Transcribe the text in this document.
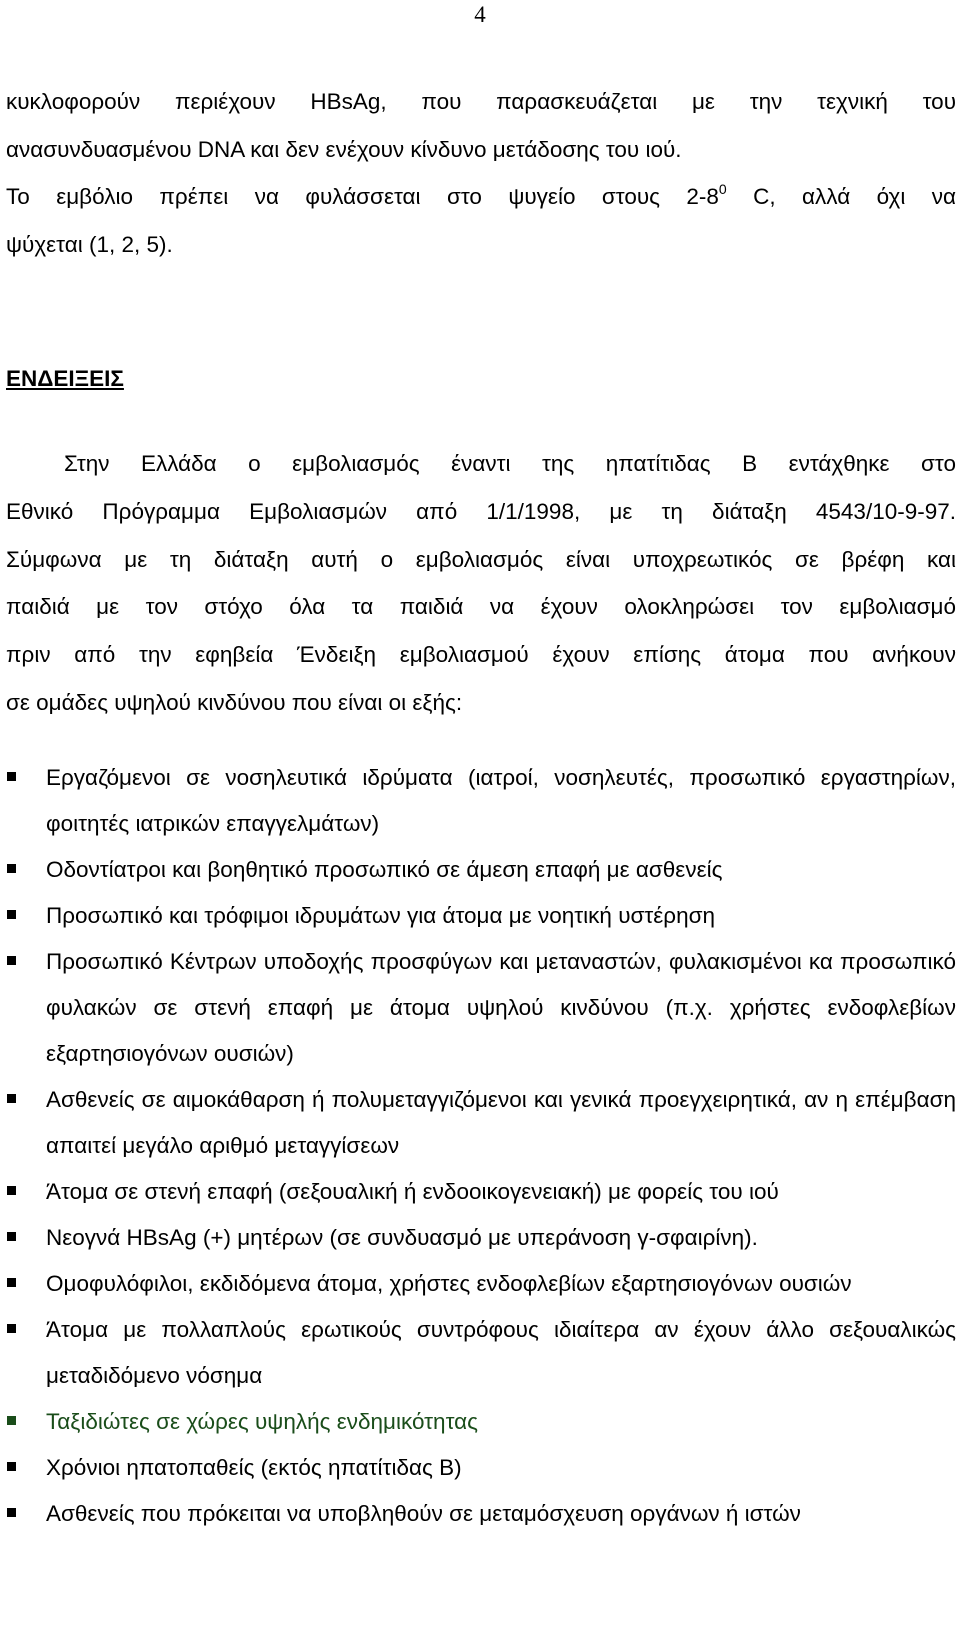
4
κυκλοφορούν περιέχουν HBsAg, που παρασκευάζεται με την τεχνική του
ανασυνδυασμένου DNA και δεν ενέχουν κίνδυνο μετάδοσης του ιού.
Το εμβόλιο πρέπει να φυλάσσεται στο ψυγείο στους $2-8^0$ C, αλλά όχι να
ψύχεται (1, 2, 5).
ΕΝΔΕΙΞΕΙΣ
Στην Ελλάδα ο εμβολιασμός έναντι της ηπατίτιδας Β εντάχθηκε στο
Εθνικό Πρόγραμμα Εμβολιασμών από 1/1/1998, με τη διάταξη 4543/10-9-97.
Σύμφωνα με τη διάταξη αυτή ο εμβολιασμός είναι υποχρεωτικός σε βρέφη και
παιδιά με τον στόχο όλα τα παιδιά να έχουν ολοκληρώσει τον εμβολιασμό
πριν από την εφηβεία Ένδειξη εμβολιασμού έχουν επίσης άτομα που ανήκουν
σε ομάδες υψηλού κινδύνου που είναι οι εξής:
Εργαζόμενοι σε νοσηλευτικά ιδρύματα (ιατροί, νοσηλευτές, προσωπικό εργαστηρίων, φοιτητές ιατρικών επαγγελμάτων)
Οδοντίατροι και βοηθητικό προσωπικό σε άμεση επαφή με ασθενείς
Προσωπικό και τρόφιμοι ιδρυμάτων για άτομα με νοητική υστέρηση
Προσωπικό Κέντρων υποδοχής προσφύγων και μεταναστών, φυλακισμένοι κα προσωπικό φυλακών σε στενή επαφή με άτομα υψηλού κινδύνου (π.χ. χρήστες ενδοφλεβίων εξαρτησιογόνων ουσιών)
Ασθενείς σε αιμοκάθαρση ή πολυμεταγγιζόμενοι και γενικά προεγχειρητικά, αν η επέμβαση απαιτεί μεγάλο αριθμό μεταγγίσεων
Άτομα σε στενή επαφή (σεξουαλική ή ενδοοικογενειακή) με φορείς του ιού
Νεογνά HBsAg (+) μητέρων (σε συνδυασμό με υπεράνοση γ-σφαιρίνη).
Ομοφυλόφιλοι, εκδιδόμενα άτομα, χρήστες ενδοφλεβίων εξαρτησιογόνων ουσιών
Άτομα με πολλαπλούς ερωτικούς συντρόφους ιδιαίτερα αν έχουν άλλο σεξουαλικώς μεταδιδόμενο νόσημα
Ταξιδιώτες σε χώρες υψηλής ενδημικότητας
Χρόνιοι ηπατοπαθείς (εκτός ηπατίτιδας Β)
Ασθενείς που πρόκειται να υποβληθούν σε μεταμόσχευση οργάνων ή ιστών
